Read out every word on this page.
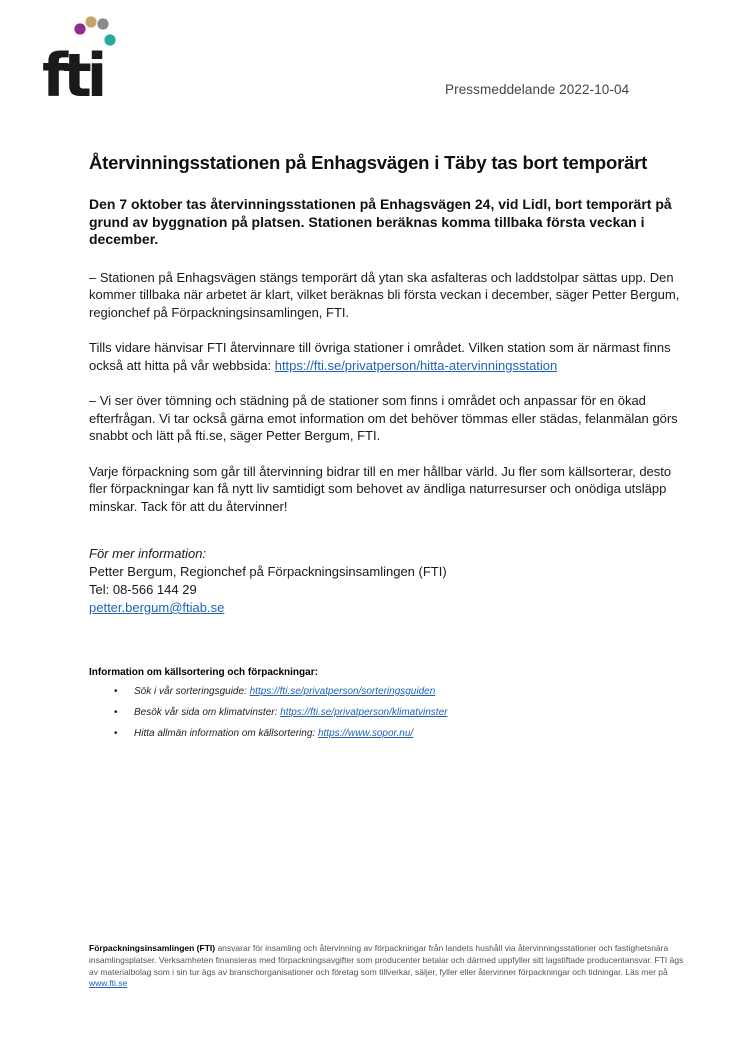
fti	Pressmeddelande 2022-10-04
Återvinningsstationen på Enhagsvägen i Täby tas bort temporärt
Den 7 oktober tas återvinningsstationen på Enhagsvägen 24, vid Lidl, bort temporärt på grund av byggnation på platsen. Stationen beräknas komma tillbaka första veckan i december.

– Stationen på Enhagsvägen stängs temporärt då ytan ska asfalteras och laddstolpar sättas upp. Den kommer tillbaka när arbetet är klart, vilket beräknas bli första veckan i december, säger Petter Bergum, regionchef på Förpackningsinsamlingen, FTI.

Tills vidare hänvisar FTI återvinnare till övriga stationer i området. Vilken station som är närmast finns också att hitta på vår webbsida: https://fti.se/privatperson/hitta-atervinningsstation

– Vi ser över tömning och städning på de stationer som finns i området och anpassar för en ökad efterfrågan. Vi tar också gärna emot information om det behöver tömmas eller städas, felanmälan görs snabbt och lätt på fti.se, säger Petter Bergum, FTI.

Varje förpackning som går till återvinning bidrar till en mer hållbar värld. Ju fler som källsorterar, desto fler förpackningar kan få nytt liv samtidigt som behovet av ändliga naturresurser och onödiga utsläpp minskar. Tack för att du återvinner!

För mer information:
Petter Bergum, Regionchef på Förpackningsinsamlingen (FTI)
Tel: 08-566 144 29
petter.bergum@ftiab.se
Information om källsortering och förpackningar:
• Sök i vår sorteringsguide: https://fti.se/privatperson/sorteringsguiden
• Besök vår sida om klimatvinster: https://fti.se/privatperson/klimatvinster
• Hitta allmän information om källsortering: https://www.sopor.nu/
Förpackningsinsamlingen (FTI) ansvarar för insamling och återvinning av förpackningar från landets hushåll via återvinningsstationer och fastighetsnära insamlingsplatser. Verksamheten finansieras med förpackningsavgifter som producenter betalar och därmed uppfyller sitt lagstiftade producentansvar. FTI ägs av materialbolag som i sin tur ägs av branschorganisationer och företag som tillverkar, säljer, fyller eller återvinner förpackningar och tidningar. Läs mer på www.fti.se
